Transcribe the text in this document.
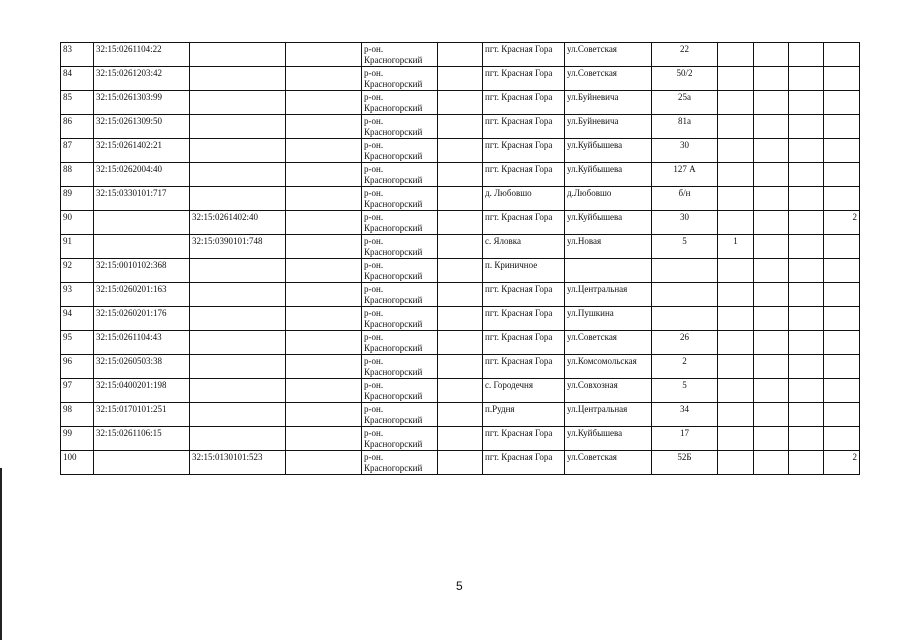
83	32:15:0261104:22			р-он.
Красногорский		пгт. Красная Гора	ул.Советская	22				
84	32:15:0261203:42			р-он.
Красногорский		пгт. Красная Гора	ул.Советская	50/2				
85	32:15:0261303:99			р-он.
Красногорский		пгт. Красная Гора	ул.Буйневича	25а				
86	32:15:0261309:50			р-он.
Красногорский		пгт. Красная Гора	ул.Буйневича	81а				
87	32:15:0261402:21			р-он.
Красногорский		пгт. Красная Гора	ул.Куйбышева	30				
88	32:15:0262004:40			р-он.
Красногорский		пгт. Красная Гора	ул.Куйбышева	127 А				
89	32:15:0330101:717			р-он.
Красногорский		д. Любовшо	д.Любовшо	б/н				
90		32:15:0261402:40		р-он.
Красногорский		пгт. Красная Гора	ул.Куйбышева	30				2
91		32:15:0390101:748		р-он.
Красногорский		с. Яловка	ул.Новая	5	1			
92	32:15:0010102:368			р-он.
Красногорский		п. Криничное						
93	32:15:0260201:163			р-он.
Красногорский		пгт. Красная Гора	ул.Центральная					
94	32:15:0260201:176			р-он.
Красногорский		пгт. Красная Гора	ул.Пушкина					
95	32:15:0261104:43			р-он.
Красногорский		пгт. Красная Гора	ул.Советская	26				
96	32:15:0260503:38			р-он.
Красногорский		пгт. Красная Гора	ул.Комсомольская	2				
97	32:15:0400201:198			р-он.
Красногорский		с. Городечня	ул.Совхозная	5				
98	32:15:0170101:251			р-он.
Красногорский		п.Рудня	ул.Центральная	34				
99	32:15:0261106:15			р-он.
Красногорский		пгт. Красная Гора	ул.Куйбышева	17				
100		32:15:0130101:523		р-он.
Красногорский		пгт. Красная Гора	ул.Советская	52Б				2
5
